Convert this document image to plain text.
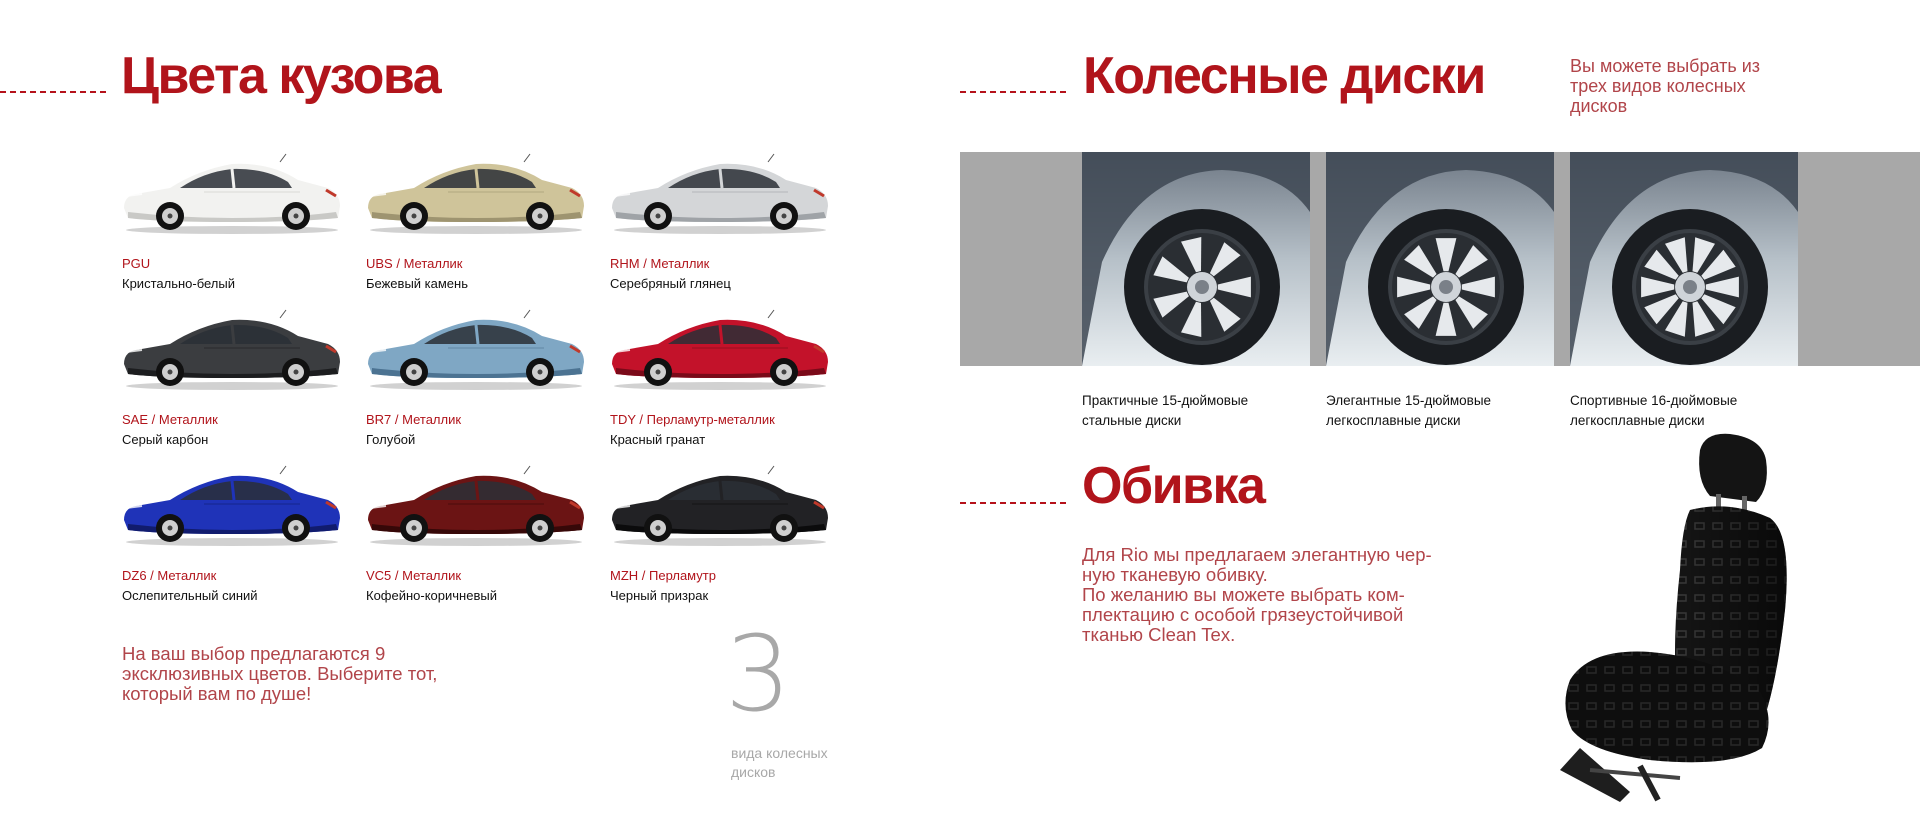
Цвета кузова
PGU
Кристально-белый
UBS / Металлик
Бежевый камень
RHM / Металлик
Серебряный глянец
SAE / Металлик
Серый карбон
BR7 / Металлик
Голубой
TDY / Перламутр-металлик
Красный гранат
DZ6 / Металлик
Ослепительный синий
VC5 / Металлик
Кофейно-коричневый
MZH / Перламутр
Черный призрак
На ваш выбор предлагаются 9 эксклюзивных цветов. Выберите тот, который вам по душе!	3
вида колесных дисков
Колесные диски	Вы можете выбрать из трех видов колесных дисков
Практичные 15-дюймовые
стальные диски
Элегантные 15-дюймовые
легкосплавные диски
Спортивные 16-дюймовые
легкосплавные диски
Обивка
Для Rio мы предлагаем элегантную чер-
ную тканевую обивку.
По желанию вы можете выбрать ком-
плектацию с особой грязеустойчивой
тканью Clean Tex.
